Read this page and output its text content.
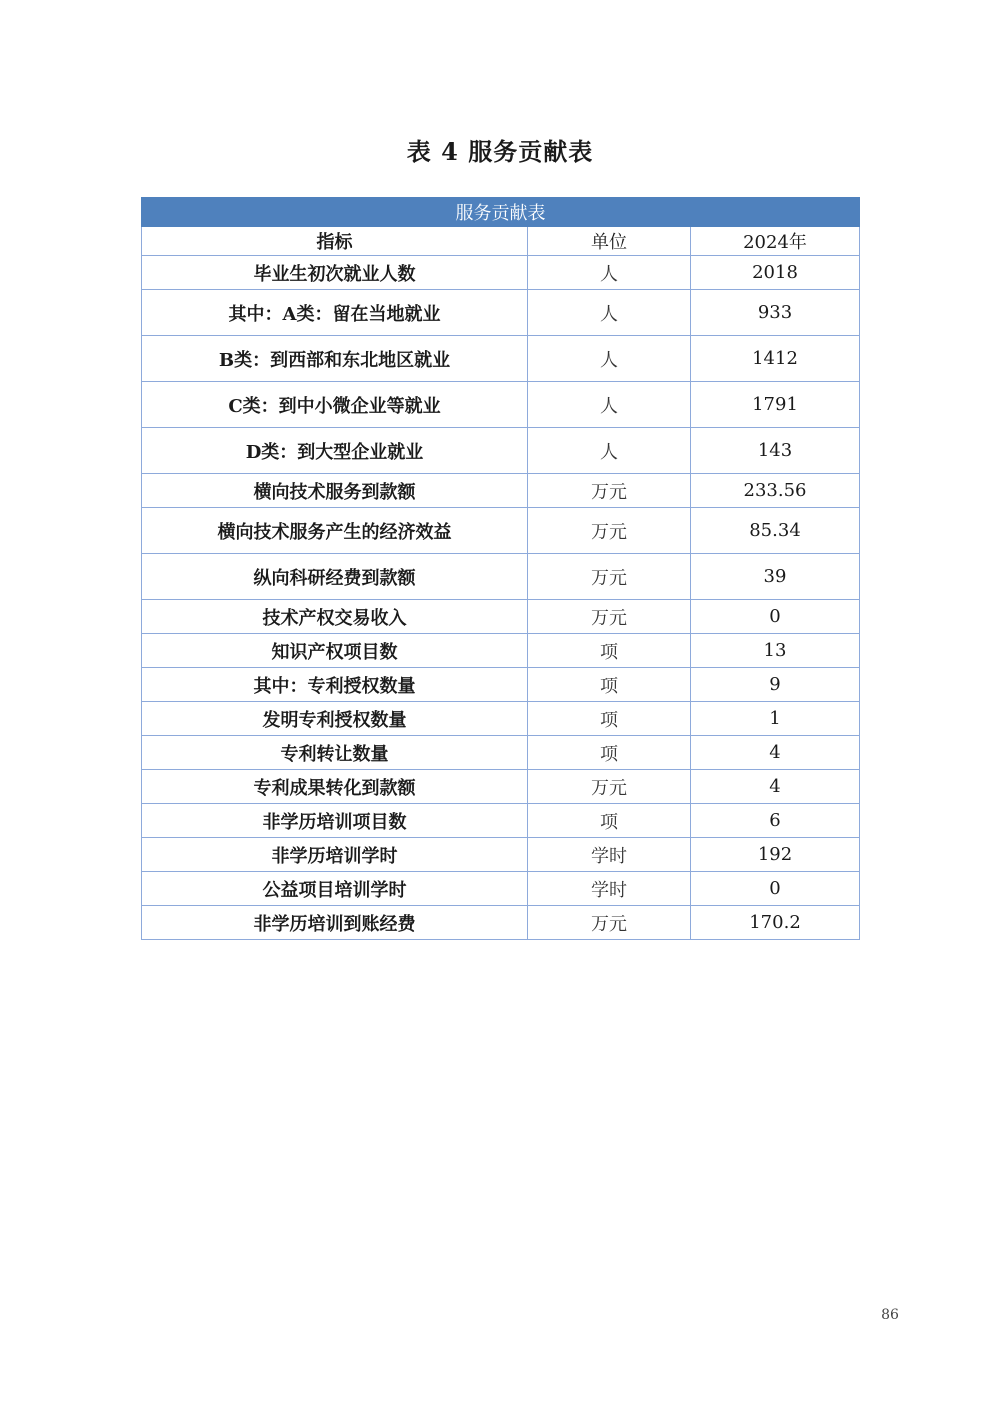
表 4 服务贡献表
服务贡献表		
指标	单位	2024年
毕业生初次就业人数	人	2018
其中：A类：留在当地就业	人	933
B类：到西部和东北地区就业	人	1412
C类：到中小微企业等就业	人	1791
D类：到大型企业就业	人	143
横向技术服务到款额	万元	233.56
横向技术服务产生的经济效益	万元	85.34
纵向科研经费到款额	万元	39
技术产权交易收入	万元	0
知识产权项目数	项	13
其中：专利授权数量	项	9
发明专利授权数量	项	1
专利转让数量	项	4
专利成果转化到款额	万元	4
非学历培训项目数	项	6
非学历培训学时	学时	192
公益项目培训学时	学时	0
非学历培训到账经费	万元	170.2
86
